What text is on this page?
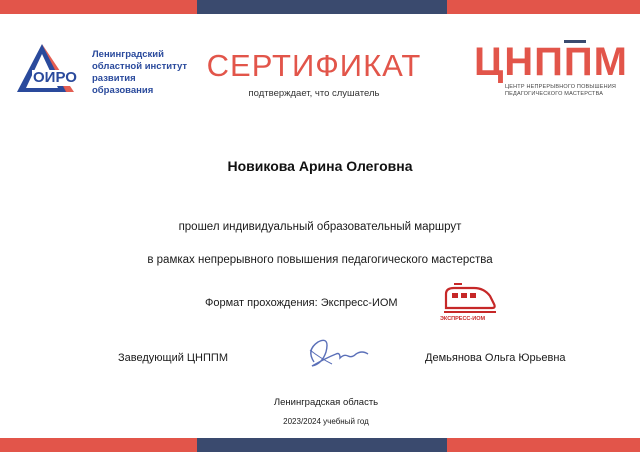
ОИРО
Ленинградский
областной институт
развития
образования
СЕРТИФИКАТ
подтверждает, что слушатель
ЦНППМ
ЦЕНТР НЕПРЕРЫВНОГО ПОВЫШЕНИЯ
ПЕДАГОГИЧЕСКОГО МАСТЕРСТВА
Новикова Арина Олеговна
прошел индивидуальный образовательный маршрут
в рамках непрерывного повышения педагогического мастерства
Формат прохождения: Экспресс-ИОМ
ЭКСПРЕСС-ИОМ
Заведующий ЦНППМ	Демьянова Ольга Юрьевна
Ленинградская область
2023/2024 учебный год
